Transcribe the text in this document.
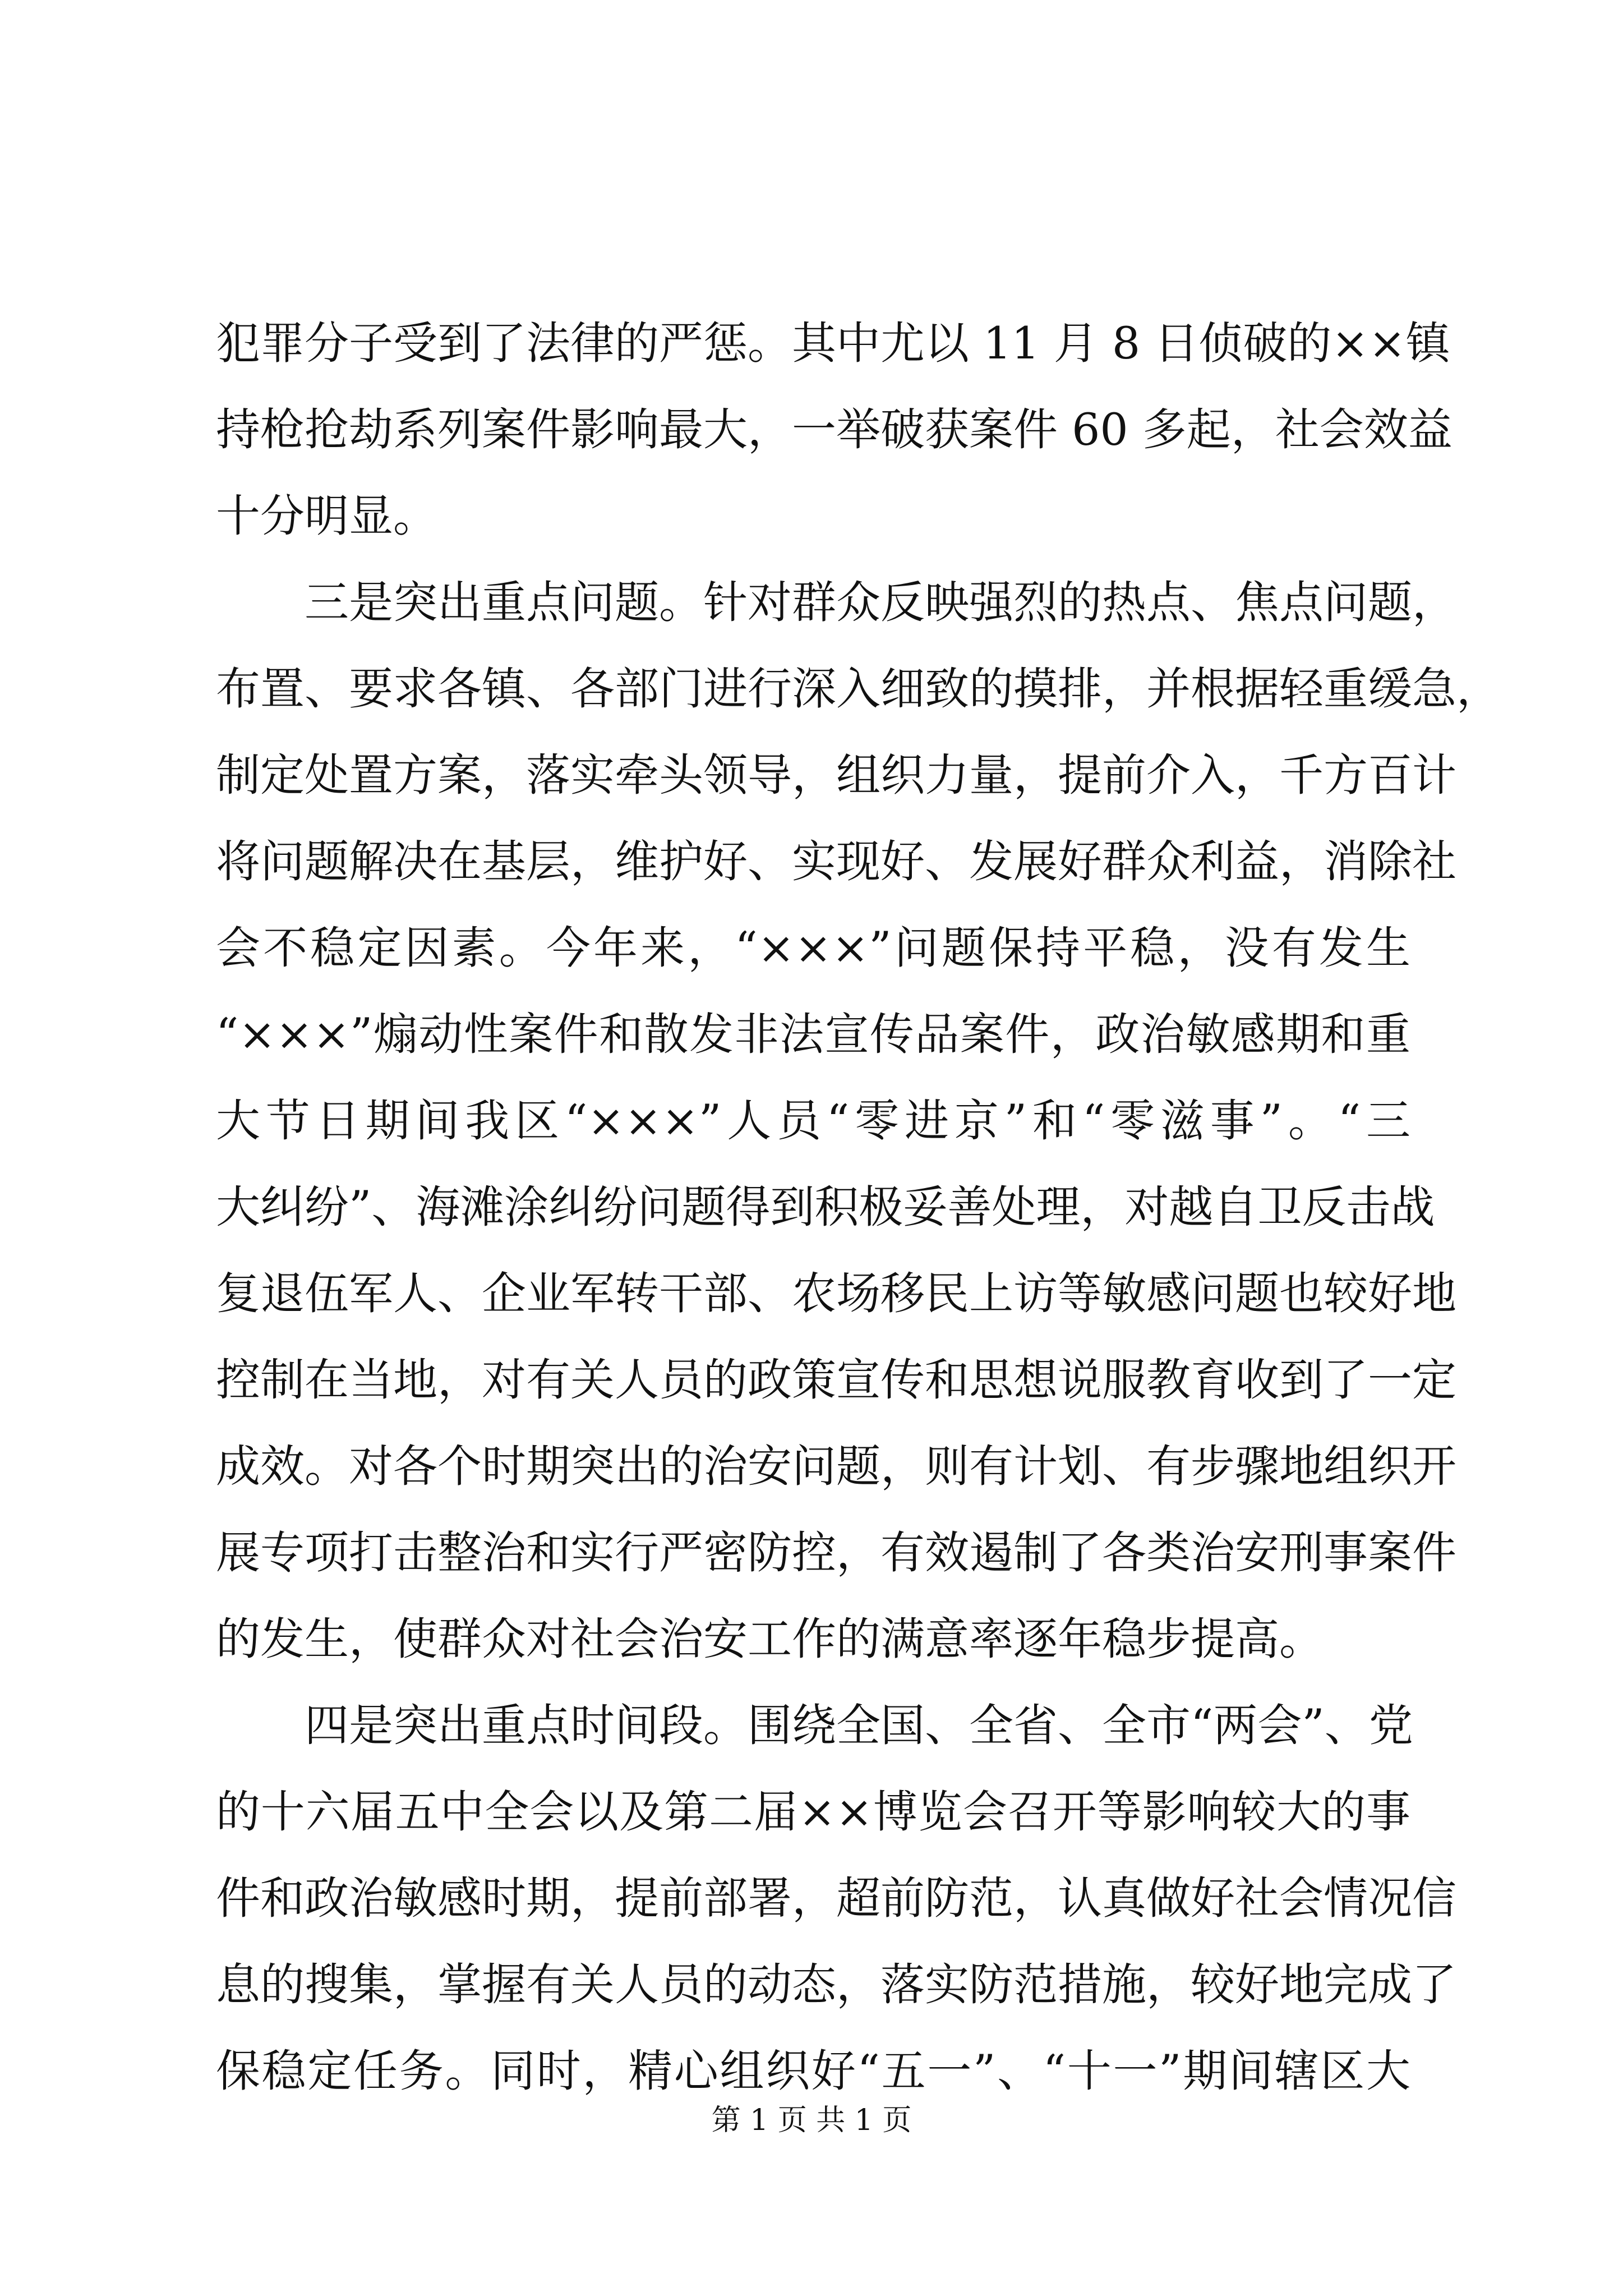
犯罪分子受到了法律的严惩。其中尤以 11 月 8 日侦破的××镇
持枪抢劫系列案件影响最大，一举破获案件 60 多起，社会效益
十分明显。
三是突出重点问题。针对群众反映强烈的热点、焦点问题，
布置、要求各镇、各部门进行深入细致的摸排，并根据轻重缓急，
制定处置方案，落实牵头领导，组织力量，提前介入，千方百计
将问题解决在基层，维护好、实现好、发展好群众利益，消除社
会不稳定因素。今年来，“×××”问题保持平稳，没有发生
“×××”煽动性案件和散发非法宣传品案件，政治敏感期和重
大节日期间我区“×××”人员“零进京”和“零滋事”。“三
大纠纷”、海滩涂纠纷问题得到积极妥善处理，对越自卫反击战
复退伍军人、企业军转干部、农场移民上访等敏感问题也较好地
控制在当地，对有关人员的政策宣传和思想说服教育收到了一定
成效。对各个时期突出的治安问题，则有计划、有步骤地组织开
展专项打击整治和实行严密防控，有效遏制了各类治安刑事案件
的发生，使群众对社会治安工作的满意率逐年稳步提高。
四是突出重点时间段。围绕全国、全省、全市“两会”、党
的十六届五中全会以及第二届××博览会召开等影响较大的事
件和政治敏感时期，提前部署，超前防范，认真做好社会情况信
息的搜集，掌握有关人员的动态，落实防范措施，较好地完成了
保稳定任务。同时，精心组织好“五一”、“十一”期间辖区大
第 1 页 共 1 页
